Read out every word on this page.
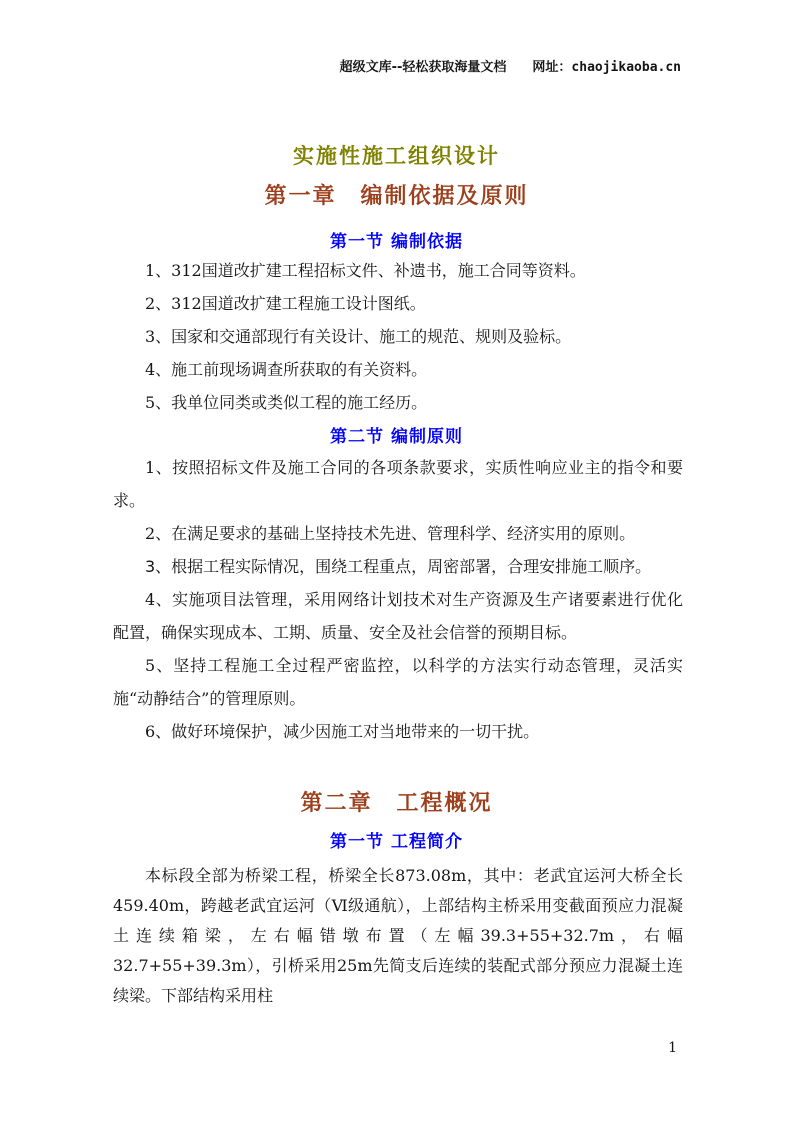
超级文库--轻松获取海量文档 网址：chaojikaoba.cn
实施性施工组织设计
第一章　编制依据及原则
第一节 编制依据

1、312国道改扩建工程招标文件、补遗书，施工合同等资料。

2、312国道改扩建工程施工设计图纸。

3、国家和交通部现行有关设计、施工的规范、规则及验标。

4、施工前现场调查所获取的有关资料。

5、我单位同类或类似工程的施工经历。

第二节 编制原则

1、按照招标文件及施工合同的各项条款要求，实质性响应业主的指令和要求。

2、在满足要求的基础上坚持技术先进、管理科学、经济实用的原则。

3、根据工程实际情况，围绕工程重点，周密部署，合理安排施工顺序。

4、实施项目法管理，采用网络计划技术对生产资源及生产诸要素进行优化配置，确保实现成本、工期、质量、安全及社会信誉的预期目标。

5、坚持工程施工全过程严密监控，以科学的方法实行动态管理，灵活实施“动静结合”的管理原则。

6、做好环境保护，减少因施工对当地带来的一切干扰。

第二章　工程概况
第一节 工程简介

本标段全部为桥梁工程，桥梁全长873.08m，其中：老武宜运河大桥全长459.40m，跨越老武宜运河（Ⅵ级通航），上部结构主桥采用变截面预应力混凝土连续箱梁，左右幅错墩布置（左幅39.3+55+32.7m，右幅32.7+55+39.3m），引桥采用25m先简支后连续的装配式部分预应力混凝土连续梁。下部结构采用柱

1
